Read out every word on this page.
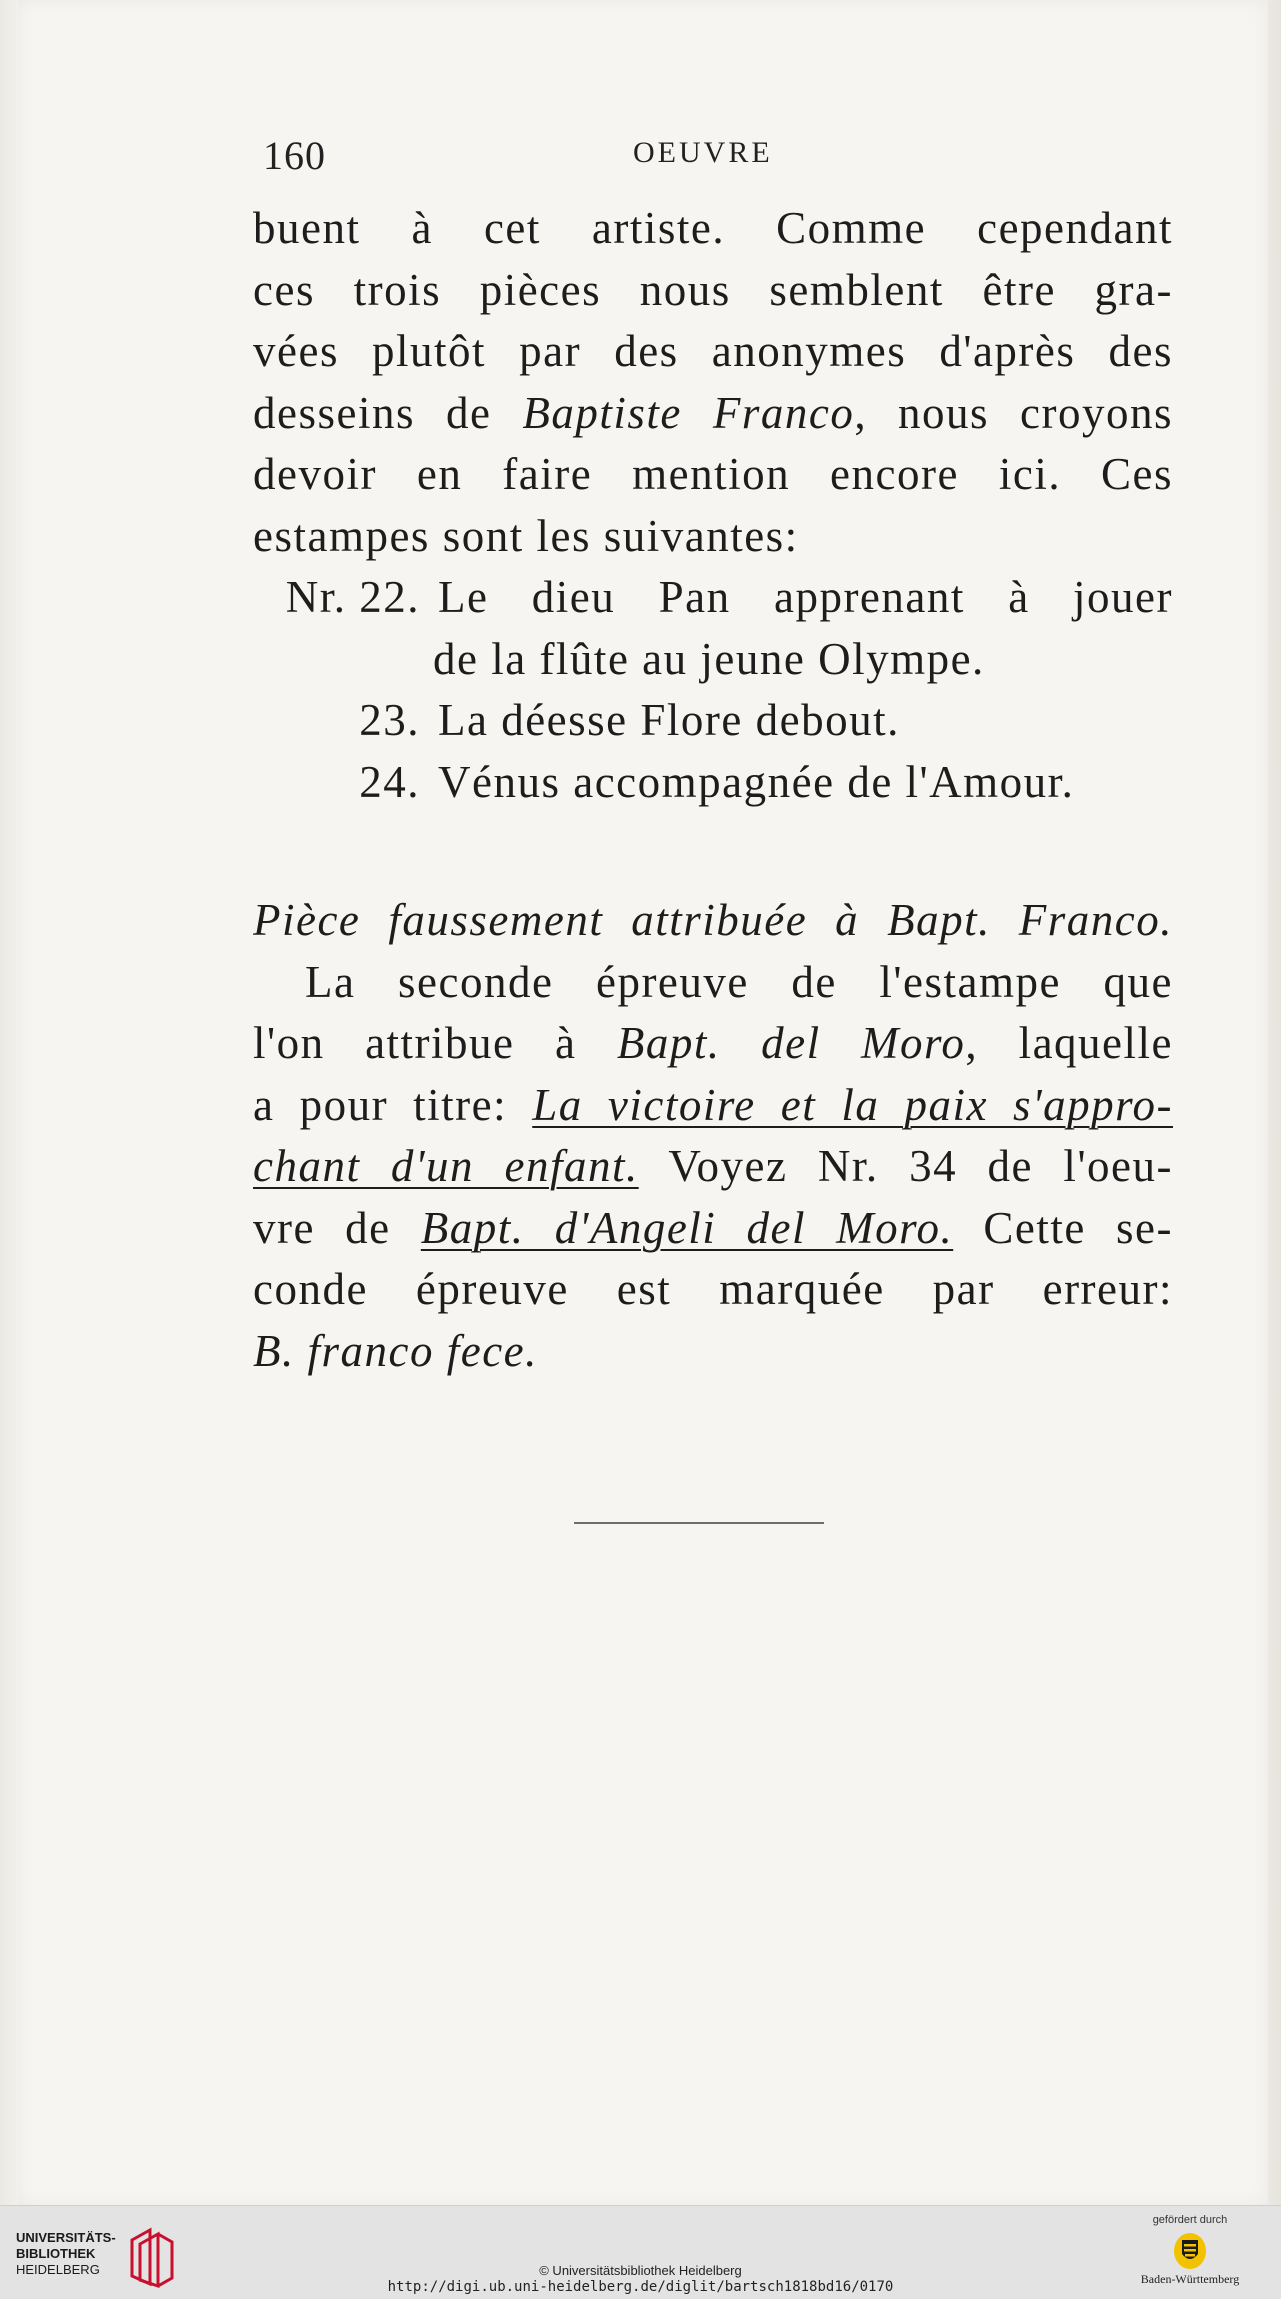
160	OEUVRE
buent à cet artiste. Comme cependant
ces trois pièces nous semblent être gra-
vées plutôt par des anonymes d'après des
desseins de Baptiste Franco, nous croyons
devoir en faire mention encore ici. Ces
estampes sont les suivantes:
Nr. 22. Le dieu Pan apprenant à jouer
de la flûte au jeune Olympe.
23. La déesse Flore debout.
24. Vénus accompagnée de l'Amour.
Pièce faussement attribuée à Bapt. Franco.
La seconde épreuve de l'estampe que
l'on attribue à Bapt. del Moro, laquelle
a pour titre: La victoire et la paix s'appro-
chant d'un enfant. Voyez Nr. 34 de l'oeu-
vre de Bapt. d'Angeli del Moro. Cette se-
conde épreuve est marquée par erreur:
B. franco fece.
UNIVERSITÄTS-
BIBLIOTHEK
HEIDELBERG	© Universitätsbibliothek Heidelberg
http://digi.ub.uni-heidelberg.de/diglit/bartsch1818bd16/0170
gefördert durch
Baden-Württemberg
